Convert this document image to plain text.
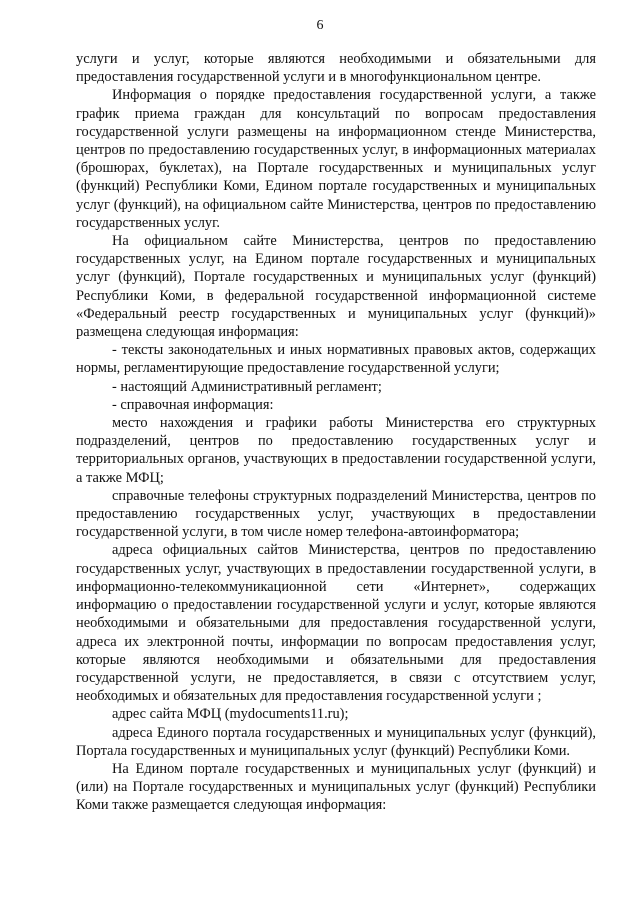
6

услуги и услуг, которые являются необходимыми и обязательными для предоставления государственной услуги и в многофункциональном центре.

Информация о порядке предоставления государственной услуги, а также график приема граждан для консультаций по вопросам предоставления государственной услуги размещены на информационном стенде Министерства, центров по предоставлению государственных услуг, в информационных материалах (брошюрах, буклетах), на Портале государственных и муниципальных услуг (функций) Республики Коми, Едином портале государственных и муниципальных услуг (функций), на официальном сайте Министерства, центров по предоставлению государственных услуг.

На официальном сайте Министерства, центров по предоставлению государственных услуг, на Едином портале государственных и муниципальных услуг (функций), Портале государственных и муниципальных услуг (функций) Республики Коми, в федеральной государственной информационной системе «Федеральный реестр государственных и муниципальных услуг (функций)» размещена следующая информация:

- тексты законодательных и иных нормативных правовых актов, содержащих нормы, регламентирующие предоставление государственной услуги;

- настоящий Административный регламент;

- справочная информация:

место нахождения и графики работы Министерства его структурных подразделений, центров по предоставлению государственных услуг и территориальных органов, участвующих в предоставлении государственной услуги, а также МФЦ;

справочные телефоны структурных подразделений Министерства, центров по предоставлению государственных услуг, участвующих в предоставлении государственной услуги, в том числе номер телефона-автоинформатора;

адреса официальных сайтов Министерства, центров по предоставлению государственных услуг, участвующих в предоставлении государственной услуги, в информационно-телекоммуникационной сети «Интернет», содержащих информацию о предоставлении государственной услуги и услуг, которые являются необходимыми и обязательными для предоставления государственной услуги, адреса их электронной почты, информации по вопросам предоставления услуг, которые являются необходимыми и обязательными для предоставления государственной услуги, не предоставляется, в связи с отсутствием услуг, необходимых и обязательных для предоставления государственной услуги ;

адрес сайта МФЦ (mydocuments11.ru);

адреса Единого портала государственных и муниципальных услуг (функций), Портала государственных и муниципальных услуг (функций) Республики Коми.

На Едином портале государственных и муниципальных услуг (функций) и (или) на Портале государственных и муниципальных услуг (функций) Республики Коми также размещается следующая информация:
